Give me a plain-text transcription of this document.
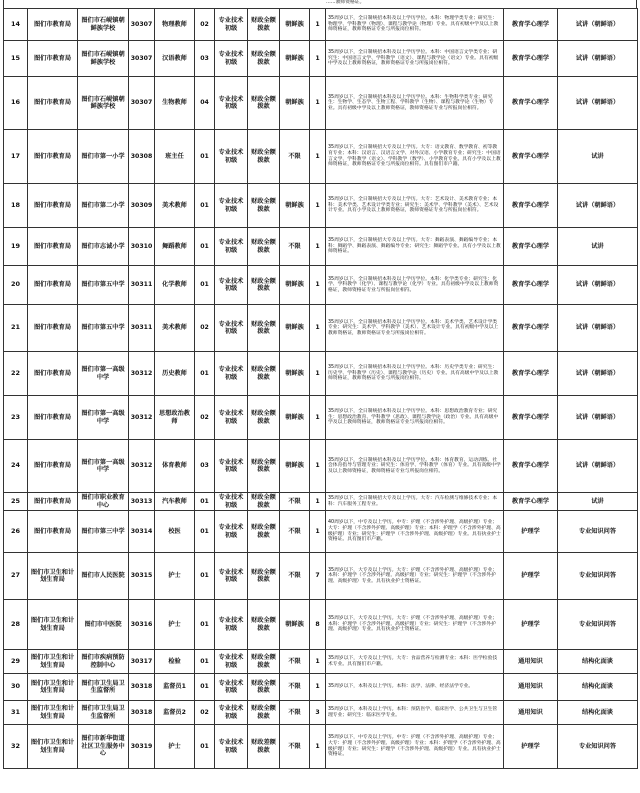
……教师资格证。
14	图们市教育局	图们市石岘镇朝鲜族学校	30307	物理教师	02	专业技术初级	财政全额拨款	朝鲜族	1	35周岁以下，全日制统招本科及以上学历学位。本科：物理学类专业；研究生：物理学、学科教学（物理）、课程与教学论（物理）专业。具有初级中学及以上教师资格证，教师资格证专业与所报岗位相符。	教育学心理学	试讲（朝鲜语）
15	图们市教育局	图们市石岘镇朝鲜族学校	30307	汉语教师	03	专业技术初级	财政全额拨款	朝鲜族	1	35周岁以下，全日制统招本科及以上学历学位。本科：中国语言文学类专业；研究生：中国语言文学、学科教学（语文）、课程与教学论（语文）专业。具有初级中学及以上教师资格证，教师资格证专业与所报岗位相符。	教育学心理学	试讲（朝鲜语）
16	图们市教育局	图们市石岘镇朝鲜族学校	30307	生物教师	04	专业技术初级	财政全额拨款	朝鲜族	1	35周岁以下，全日制统招本科及以上学历学位。本科：生物科学类专业；研究生：生物学、生态学、生物工程、学科教学（生物）、课程与教学论（生物）专业。具有初级中学及以上教师资格证，教师资格证专业与所报岗位相符。	教育学心理学	试讲（朝鲜语）
17	图们市教育局	图们市第一小学	30308	班主任	01	专业技术初级	财政全额拨款	不限	1	35周岁以下，全日制统招大专及以上学历。大专：语文教育、数学教育、初等教育专业；本科：汉语言、汉语言文学、对外汉语、小学教育专业；研究生：中国语言文学、学科教学（语文）、学科教学（数学）、小学教育专业。具有小学及以上教师资格证，教师资格证专业与所报岗位相符。具有图们市户籍。	教育学心理学	试讲
18	图们市教育局	图们市第二小学	30309	美术教师	01	专业技术初级	财政全额拨款	朝鲜族	1	35周岁以下，全日制统招大专及以上学历。大专：艺术设计、美术教育专业；本科：美术学类、艺术设计学类专业；研究生：美术学、学科教学（美术）、艺术设计专业。具有小学及以上教师资格证，教师资格证专业与所报岗位相符。	教育学心理学	试讲（朝鲜语）
19	图们市教育局	图们市志诚小学	30310	舞蹈教师	01	专业技术初级	财政全额拨款	不限	1	35周岁以下，全日制统招大专及以上学历。大专：舞蹈表演、舞蹈编导专业；本科：舞蹈学、舞蹈表演、舞蹈编导专业；研究生：舞蹈学专业。具有小学及以上教师资格证。	教育学心理学	试讲
20	图们市教育局	图们市第五中学	30311	化学教师	01	专业技术初级	财政全额拨款	朝鲜族	1	35周岁以下，全日制统招本科及以上学历学位。本科：化学类专业；研究生：化学、学科教学（化学）、课程与教学论（化学）专业。具有初级中学及以上教师资格证，教师资格证专业与所报岗位相符。	教育学心理学	试讲（朝鲜语）
21	图们市教育局	图们市第五中学	30311	美术教师	02	专业技术初级	财政全额拨款	朝鲜族	1	35周岁以下，全日制统招本科及以上学历学位。本科：美术学类、艺术设计学类专业；研究生：美术学、学科教学（美术）、艺术设计专业。具有初级中学及以上教师资格证，教师资格证专业与所报岗位相符。	教育学心理学	试讲（朝鲜语）
22	图们市教育局	图们市第一高级中学	30312	历史教师	01	专业技术初级	财政全额拨款	朝鲜族	1	35周岁以下，全日制统招本科及以上学历学位。本科：历史学类专业；研究生：历史学、学科教学（历史）、课程与教学论（历史）专业。具有高级中学及以上教师资格证，教师资格证专业与所报岗位相符。	教育学心理学	试讲（朝鲜语）
23	图们市教育局	图们市第一高级中学	30312	思想政治教师	02	专业技术初级	财政全额拨款	朝鲜族	1	35周岁以下，全日制统招本科及以上学历学位。本科：思想政治教育专业；研究生：思想政治教育、学科教学（思政）、课程与教学论（政治）专业。具有高级中学及以上教师资格证，教师资格证专业与所报岗位相符。	教育学心理学	试讲（朝鲜语）
24	图们市教育局	图们市第一高级中学	30312	体育教师	03	专业技术初级	财政全额拨款	朝鲜族	1	35周岁以下，全日制统招本科及以上学历学位。本科：体育教育、运动训练、社会体育指导与管理专业；研究生：体育学、学科教学（体育）专业。具有高级中学及以上教师资格证，教师资格证专业与所报岗位相符。	教育学心理学	试讲（朝鲜语）
25	图们市教育局	图们市职业教育中心	30313	汽车教师	01	专业技术初级	财政全额拨款	不限	1	35周岁以下，全日制统招大专及以上学历。大专：汽车检测与维修技术专业；本科：汽车服务工程专业。	教育学心理学	试讲
26	图们市教育局	图们市第三中学	30314	校医	01	专业技术初级	财政全额拨款	不限	1	40周岁以下，中专及以上学历。中专：护理（不含涉外护理、高级护理）专业；大专：护理（不含涉外护理、高级护理）专业；本科：护理学（不含涉外护理、高级护理）专业；研究生：护理学（不含涉外护理、高级护理）专业。具有执业护士资格证。具有图们市户籍。	护理学	专业知识问答
27	图们市卫生和计划生育局	图们市人民医院	30315	护士	01	专业技术初级	财政全额拨款	不限	7	35周岁以下，大专及以上学历。大专：护理（不含涉外护理、高级护理）专业；本科：护理学（不含涉外护理、高级护理）专业；研究生：护理学（不含涉外护理、高级护理）专业。具有执业护士资格证。	护理学	专业知识问答
28	图们市卫生和计划生育局	图们市中医院	30316	护士	01	专业技术初级	财政全额拨款	朝鲜族	8	35周岁以下，大专及以上学历。大专：护理（不含涉外护理、高级护理）专业；本科：护理学（不含涉外护理、高级护理）专业；研究生：护理学（不含涉外护理、高级护理）专业。具有执业护士资格证。	护理学	专业知识问答
29	图们市卫生和计划生育局	图们市疾病预防控制中心	30317	检验	01	专业技术初级	财政全额拨款	不限	1	35周岁以下，大专及以上学历。大专：食品营养与检测专业；本科：医学检验技术专业。具有图们市户籍。	通用知识	结构化面谈
30	图们市卫生和计划生育局	图们市卫生局卫生监督所	30318	监督员1	01	专业技术初级	财政全额拨款	不限	1	35周岁以下，本科及以上学历。本科：法学、法律、经济法学专业。	通用知识	结构化面谈
31	图们市卫生和计划生育局	图们市卫生局卫生监督所	30318	监督员2	02	专业技术初级	财政全额拨款	不限	3	35周岁以下，本科及以上学历。本科：预防医学、临床医学、公共卫生与卫生管理专业；研究生：临床医学专业。	通用知识	结构化面谈
32	图们市卫生和计划生育局	图们市新华街道社区卫生服务中心	30319	护士	01	专业技术初级	财政差额拨款	不限	1	35周岁以下，中专及以上学历。中专：护理（不含涉外护理、高级护理）专业；大专：护理（不含涉外护理、高级护理）专业；本科：护理学（不含涉外护理、高级护理）专业；研究生：护理学（不含涉外护理、高级护理）专业。具有执业护士资格证。	护理学	专业知识问答
